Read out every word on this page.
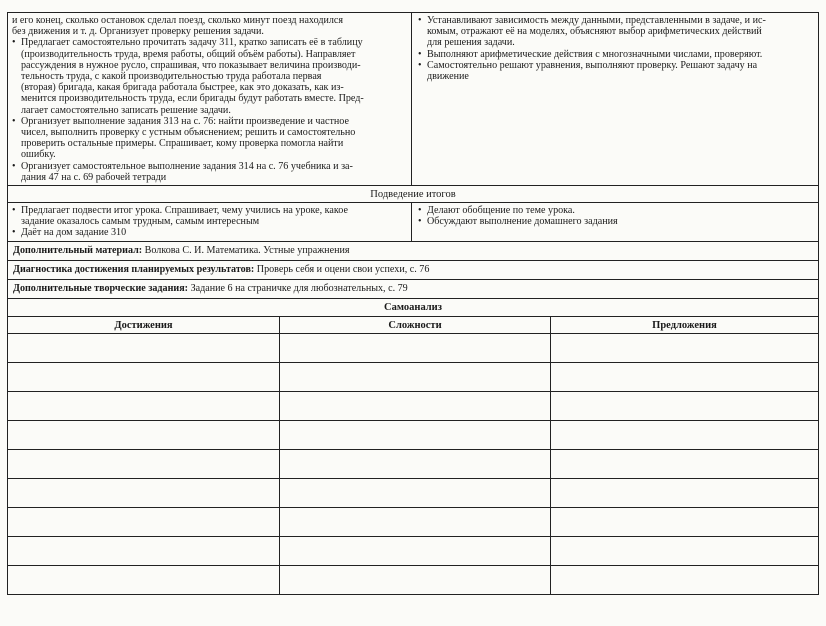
и его конец, сколько остановок сделал поезд, сколько минут поезд находился
без движения и т. д. Организует проверку решения задачи.
• Предлагает самостоятельно прочитать задачу 311, кратко записать её в таблицу
(производительность труда, время работы, общий объём работы). Направляет
рассуждения в нужное русло, спрашивая, что показывает величина производи-
тельность труда, с какой производительностью труда работала первая
(вторая) бригада, какая бригада работала быстрее, как это доказать, как из-
менится производительность труда, если бригады будут работать вместе. Пред-
лагает самостоятельно записать решение задачи.
• Организует выполнение задания 313 на с. 76: найти произведение и частное
чисел, выполнить проверку с устным объяснением; решить и самостоятельно
проверить остальные примеры. Спрашивает, кому проверка помогла найти
ошибку.
• Организует самостоятельное выполнение задания 314 на с. 76 учебника и за-
дания 47 на с. 69 рабочей тетради
• Устанавливают зависимость между данными, представленными в задаче, и ис-
комым, отражают её на моделях, объясняют выбор арифметических действий
для решения задачи.
• Выполняют арифметические действия с многозначными числами, проверяют.
• Самостоятельно решают уравнения, выполняют проверку. Решают задачу на
движение
Подведение итогов
• Предлагает подвести итог урока. Спрашивает, чему учились на уроке, какое
задание оказалось самым трудным, самым интересным
• Даёт на дом задание 310
• Делают обобщение по теме урока.
• Обсуждают выполнение домашнего задания
Дополнительный материал: Волкова С. И. Математика. Устные упражнения
Диагностика достижения планируемых результатов: Проверь себя и оцени свои успехи, с. 76
Дополнительные творческие задания: Задание 6 на страничке для любознательных, с. 79
Самоанализ
Достижения	Сложности	Предложения
